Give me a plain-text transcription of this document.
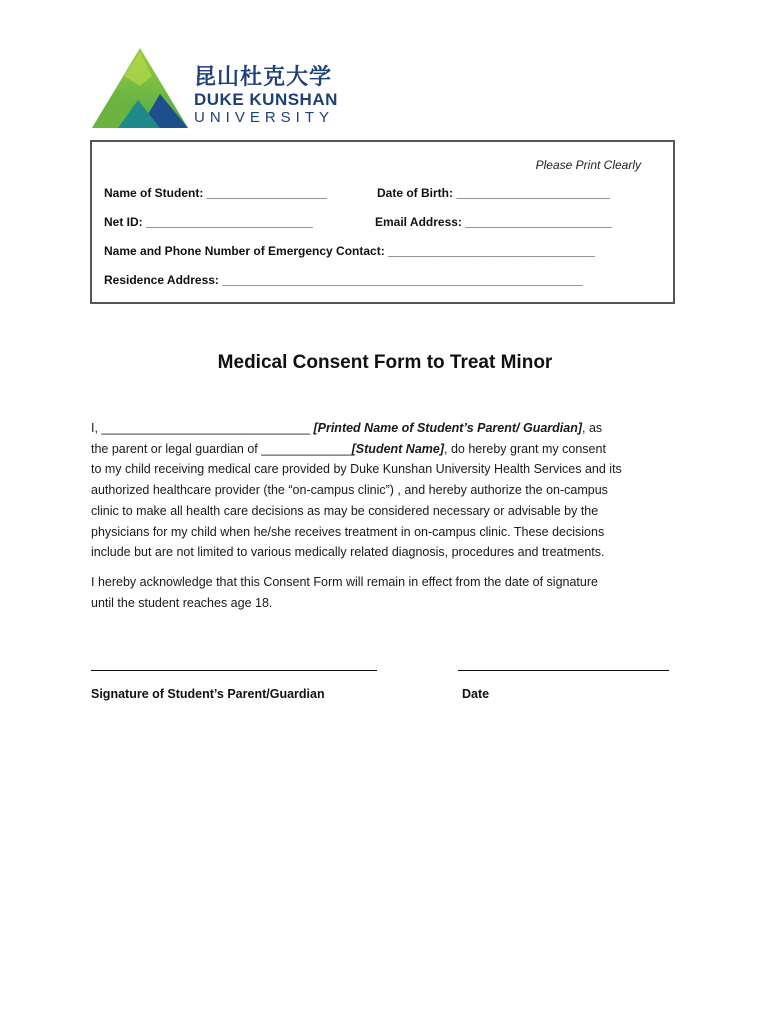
昆山杜克大学
DUKE KUNSHAN
UNIVERSITY
Please Print Clearly
Name of Student: __________________	Date of Birth: _______________________
Net ID: _________________________	Email Address: ______________________
Name and Phone Number of Emergency Contact: _______________________________
Residence Address: ______________________________________________________
Medical Consent Form to Treat Minor
I, ______________________________ [Printed Name of Student’s Parent/ Guardian], as
the parent or legal guardian of _____________[Student Name], do hereby grant my consent
to my child receiving medical care provided by Duke Kunshan University Health Services and its
authorized healthcare provider (the “on-campus clinic”) , and hereby authorize the on-campus
clinic to make all health care decisions as may be considered necessary or advisable by the
physicians for my child when he/she receives treatment in on-campus clinic. These decisions
include but are not limited to various medically related diagnosis, procedures and treatments.
I hereby acknowledge that this Consent Form will remain in effect from the date of signature
until the student reaches age 18.
Signature of Student’s Parent/Guardian	Date
